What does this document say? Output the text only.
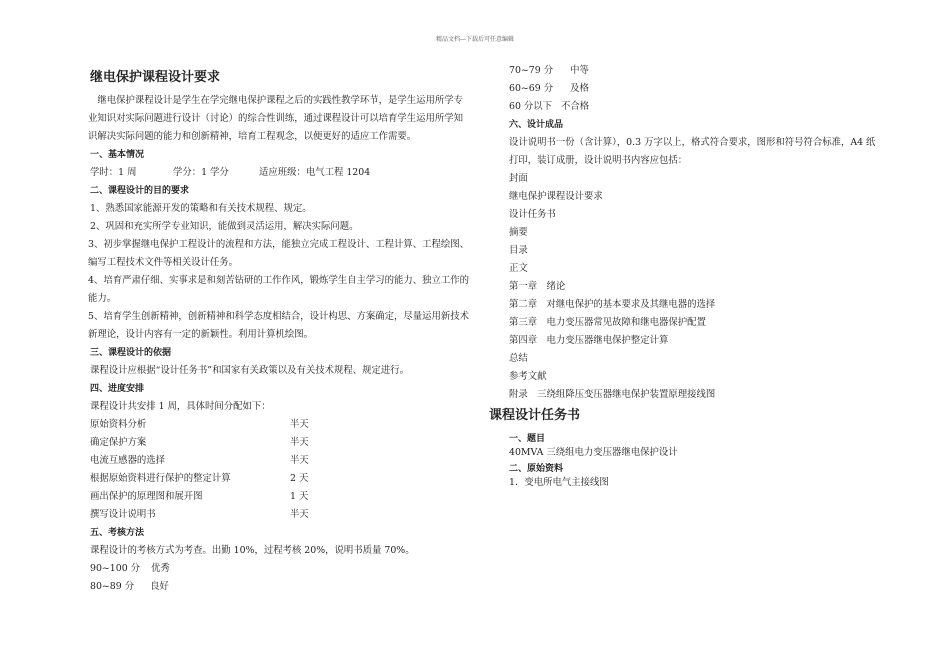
精品文档---下载后可任意编辑
继电保护课程设计要求
继电保护课程设计是学生在学完继电保护课程之后的实践性教学环节，是学生运用所学专业知识对实际问题进行设计（讨论）的综合性训练，通过课程设计可以培育学生运用所学知识解决实际问题的能力和创新精神，培育工程观念，以便更好的适应工作需要。
一、基本情况
学时：1 周	学分：1 学分	适应班级：电气工程 1204
二、课程设计的目的要求
1、熟悉国家能源开发的策略和有关技术规程、规定。
2、巩固和充实所学专业知识，能做到灵活运用，解决实际问题。
3、初步掌握继电保护工程设计的流程和方法，能独立完成工程设计、工程计算、工程绘图、编写工程技术文件等相关设计任务。
4、培育严肃仔细、实事求是和刻苦钻研的工作作风，锻炼学生自主学习的能力、独立工作的能力。
5、培育学生创新精神，创新精神和科学态度相结合，设计构思、方案确定，尽量运用新技术新理论，设计内容有一定的新颖性。利用计算机绘图。
三、课程设计的依据
课程设计应根据“设计任务书”和国家有关政策以及有关技术规程、规定进行。
四、进度安排
课程设计共安排 1 周，具体时间分配如下：
原始资料分析	半天
确定保护方案	半天
电流互感器的选择	半天
根据原始资料进行保护的整定计算	2 天
画出保护的原理图和展开图	1 天
撰写设计说明书	半天
五、考核方法
课程设计的考核方式为考查。出勤 10%，过程考核 20%，说明书质量 70%。
90~100 分 优秀
80~89 分 良好
70~79 分 中等
60~69 分 及格
60 分以下 不合格
六、设计成品
设计说明书一份（含计算），0.3 万字以上，格式符合要求，图形和符号符合标准，A4 纸打印，装订成册，设计说明书内容应包括：
封面
继电保护课程设计要求
设计任务书
摘要
目录
正文
第一章　绪论
第二章　对继电保护的基本要求及其继电器的选择
第三章　电力变压器常见故障和继电器保护配置
第四章　电力变压器继电保护整定计算
总结
参考文献
附录　三绕组降压变压器继电保护装置原理接线图
课程设计任务书
一、题目
40MVA 三绕组电力变压器继电保护设计
二、原始资料
1．变电所电气主接线图
